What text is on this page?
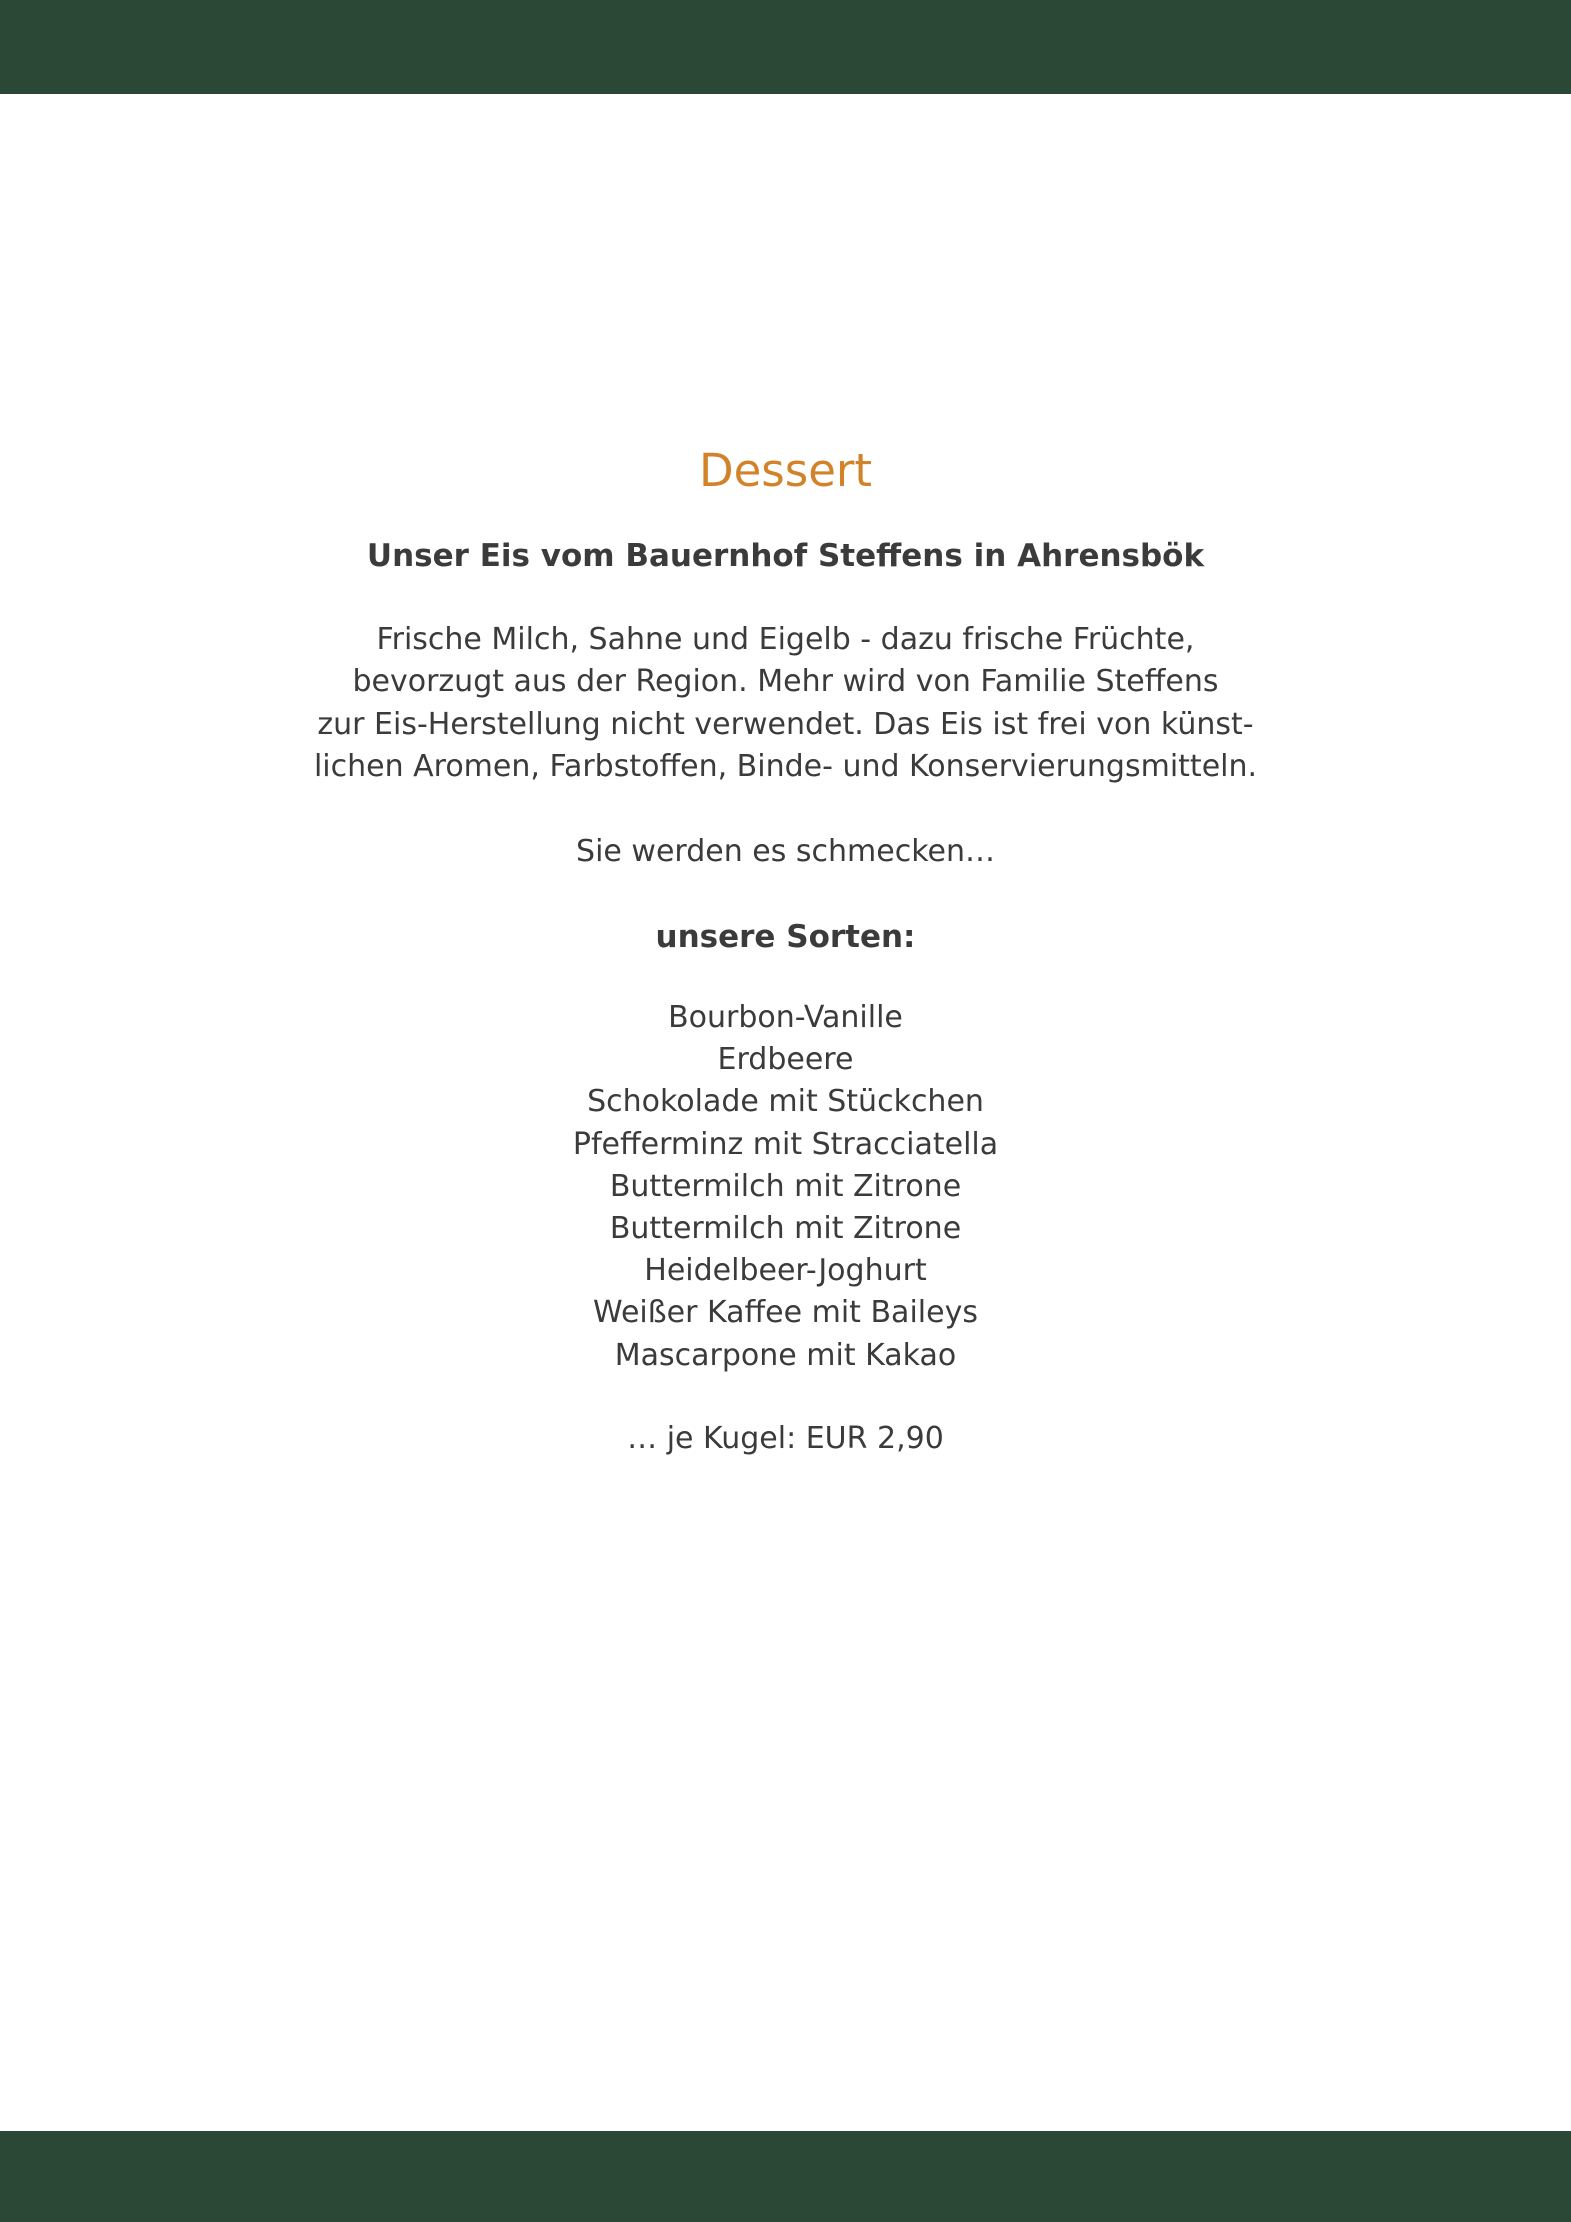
Dessert
Unser Eis vom Bauernhof Steffens in Ahrensbök
Frische Milch, Sahne und Eigelb - dazu frische Früchte,
bevorzugt aus der Region. Mehr wird von Familie Steffens
zur Eis-Herstellung nicht verwendet. Das Eis ist frei von künst-
lichen Aromen, Farbstoffen, Binde- und Konservierungsmitteln.
Sie werden es schmecken…
unsere Sorten:
Bourbon-Vanille
Erdbeere
Schokolade mit Stückchen
Pfefferminz mit Stracciatella
Buttermilch mit Zitrone
Buttermilch mit Zitrone
Heidelbeer-Joghurt
Weißer Kaffee mit Baileys
Mascarpone mit Kakao
… je Kugel: EUR 2,90
